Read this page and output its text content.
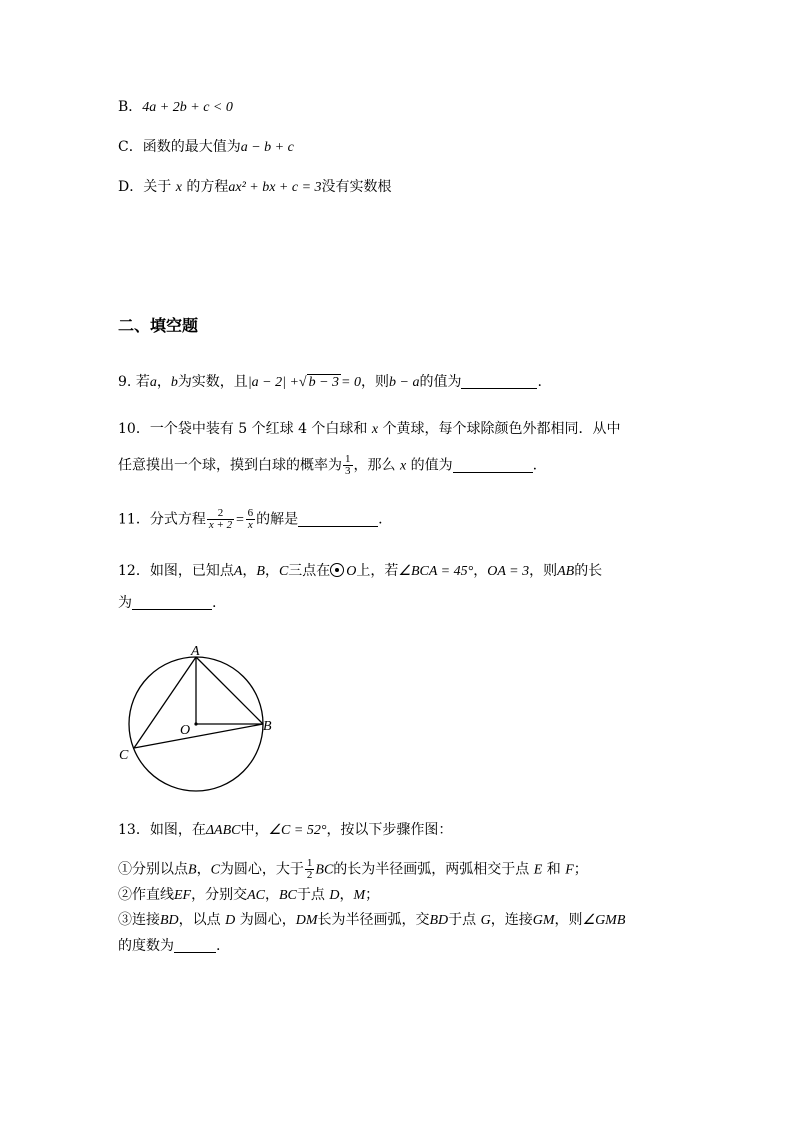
B．4a + 2b + c < 0
C．函数的最大值为a − b + c
D．关于 x 的方程ax² + bx + c = 3没有实数根
二、填空题
9. 若a，b为实数，且|a − 2| +√ b − 3 = 0，则b − a的值为	.
10．一个袋中装有 5 个红球 4 个白球和 x 个黄球，每个球除颜色外都相同．从中
任意摸出一个球，摸到白球的概率为 $\frac{1}{3}$ ，那么 x 的值为	.
11．分式方程 $\frac{2}{x + 2} = \frac{6}{x}$ 的解是	.
12．如图，已知点A，B，C三点在 O上，若∠BCA = 45°，OA = 3，则AB的长
为	.
A
B
C
O
13．如图，在ΔABC中，∠C = 52°，按以下步骤作图：
①分别以点B，C为圆心，大于 $\frac{1}{2}$ BC的长为半径画弧，两弧相交于点 E 和 F；
②作直线EF，分别交AC，BC于点 D，M；
③连接BD，以点 D 为圆心，DM长为半径画弧，交BD于点 G，连接GM，则∠GMB
的度数为	.
